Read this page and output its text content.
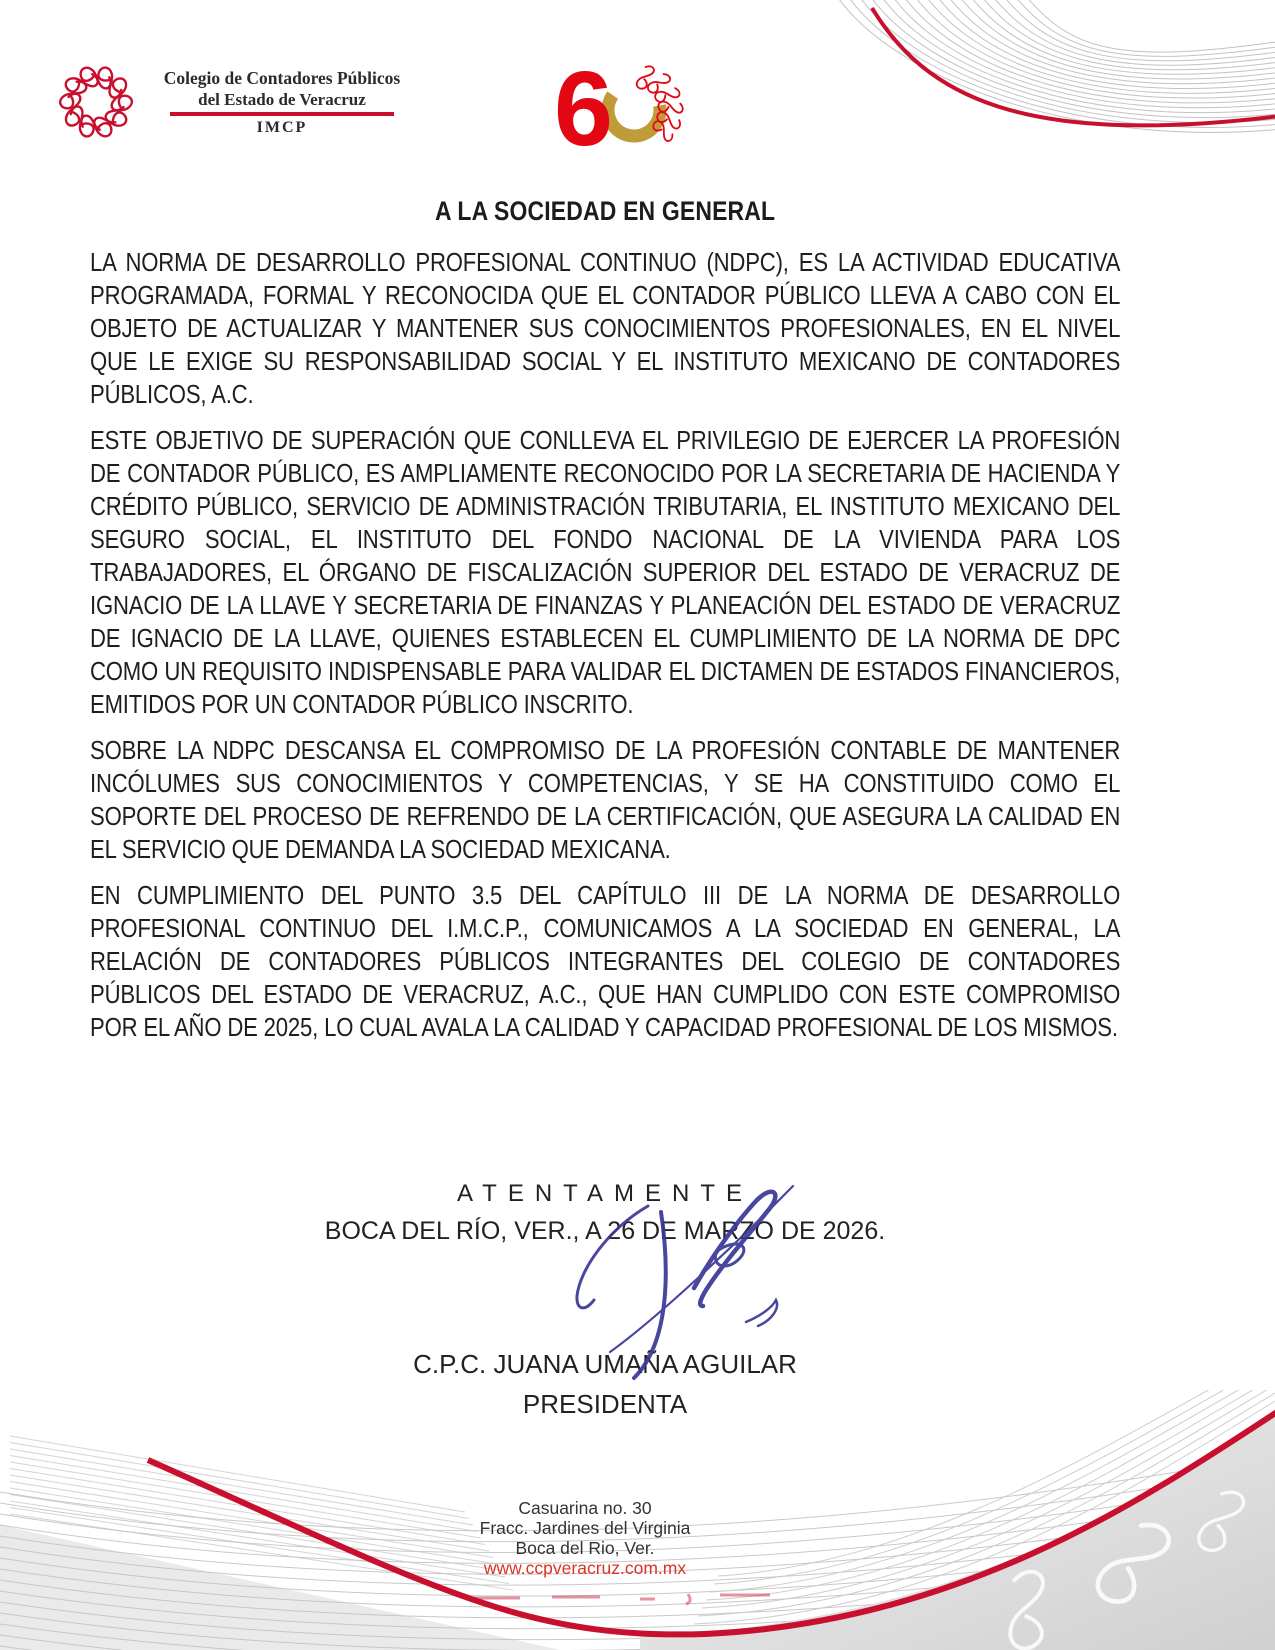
Colegio de Contadores Públicos
del Estado de Veracruz
IMCP	6
A LA SOCIEDAD EN GENERAL

LA NORMA DE DESARROLLO PROFESIONAL CONTINUO (NDPC), ES LA ACTIVIDAD EDUCATIVA PROGRAMADA, FORMAL Y RECONOCIDA QUE EL CONTADOR PÚBLICO LLEVA A CABO CON EL OBJETO DE ACTUALIZAR Y MANTENER SUS CONOCIMIENTOS PROFESIONALES, EN EL NIVEL QUE LE EXIGE SU RESPONSABILIDAD SOCIAL Y EL INSTITUTO MEXICANO DE CONTADORES PÚBLICOS, A.C.

ESTE OBJETIVO DE SUPERACIÓN QUE CONLLEVA EL PRIVILEGIO DE EJERCER LA PROFESIÓN DE CONTADOR PÚBLICO, ES AMPLIAMENTE RECONOCIDO POR LA SECRETARIA DE HACIENDA Y CRÉDITO PÚBLICO, SERVICIO DE ADMINISTRACIÓN TRIBUTARIA, EL INSTITUTO MEXICANO DEL SEGURO SOCIAL, EL INSTITUTO DEL FONDO NACIONAL DE LA VIVIENDA PARA LOS TRABAJADORES, EL ÓRGANO DE FISCALIZACIÓN SUPERIOR DEL ESTADO DE VERACRUZ DE IGNACIO DE LA LLAVE Y SECRETARIA DE FINANZAS Y PLANEACIÓN DEL ESTADO DE VERACRUZ DE IGNACIO DE LA LLAVE, QUIENES ESTABLECEN EL CUMPLIMIENTO DE LA NORMA DE DPC COMO UN REQUISITO INDISPENSABLE PARA VALIDAR EL DICTAMEN DE ESTADOS FINANCIEROS, EMITIDOS POR UN CONTADOR PÚBLICO INSCRITO.

SOBRE LA NDPC DESCANSA EL COMPROMISO DE LA PROFESIÓN CONTABLE DE MANTENER INCÓLUMES SUS CONOCIMIENTOS Y COMPETENCIAS, Y SE HA CONSTITUIDO COMO EL SOPORTE DEL PROCESO DE REFRENDO DE LA CERTIFICACIÓN, QUE ASEGURA LA CALIDAD EN EL SERVICIO QUE DEMANDA LA SOCIEDAD MEXICANA.

EN CUMPLIMIENTO DEL PUNTO 3.5 DEL CAPÍTULO III DE LA NORMA DE DESARROLLO PROFESIONAL CONTINUO DEL I.M.C.P., COMUNICAMOS A LA SOCIEDAD EN GENERAL, LA RELACIÓN DE CONTADORES PÚBLICOS INTEGRANTES DEL COLEGIO DE CONTADORES PÚBLICOS DEL ESTADO DE VERACRUZ, A.C., QUE HAN CUMPLIDO CON ESTE COMPROMISO POR EL AÑO DE 2025, LO CUAL AVALA LA CALIDAD Y CAPACIDAD PROFESIONAL DE LOS MISMOS.

ATENTAMENTE
BOCA DEL RÍO, VER., A 26 DE MARZO DE 2026.
C.P.C. JUANA UMAÑA AGUILAR
PRESIDENTA
Casuarina no. 30
Fracc. Jardines del Virginia
Boca del Rio, Ver.
www.ccpveracruz.com.mx
